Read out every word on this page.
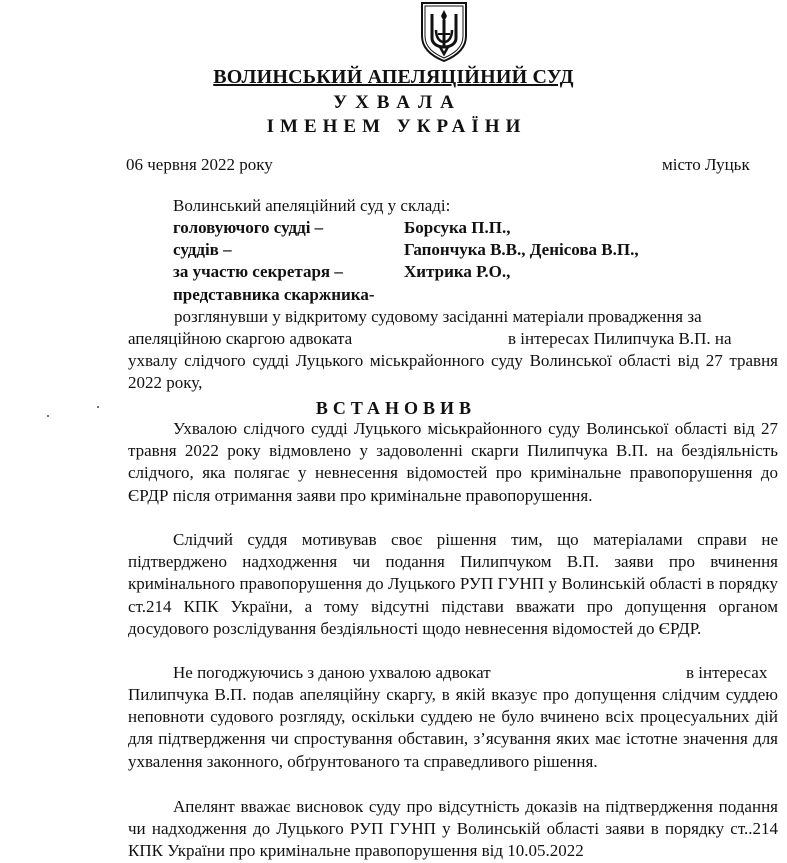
ВОЛИНСЬКИЙ АПЕЛЯЦІЙНИЙ СУД
УХВАЛА
ІМЕНЕМ УКРАЇНИ
06 червня 2022 року	місто Луцьк
Волинський апеляційний суд у складі:
головуючого судді –	Борсука П.П.,
суддів –	Гапончука В.В., Денісова В.П.,
за участю секретаря –	Хитрика Р.О.,
представника скаржника-
розглянувши у відкритому судовому засіданні матеріали провадження за
апеляційною скаргою адвоката	в інтересах Пилипчука В.П. на
ухвалу слідчого судді Луцького міськрайонного суду Волинської області від 27 травня 2022 року,
ВСТАНОВИВ
Ухвалою слідчого судді Луцького міськрайонного суду Волинської області від 27 травня 2022 року відмовлено у задоволенні скарги Пилипчука В.П. на бездіяльність слідчого, яка полягає у невнесення відомостей про кримінальне правопорушення до ЄРДР після отримання заяви про кримінальне правопорушення.
Слідчий суддя мотивував своє рішення тим, що матеріалами справи не підтверджено надходження чи подання Пилипчуком В.П. заяви про вчинення кримінального правопорушення до Луцького РУП ГУНП у Волинській області в порядку ст.214 КПК України, а тому відсутні підстави вважати про допущення органом досудового розслідування бездіяльності щодо невнесення відомостей до ЄРДР.
Не погоджуючись з даною ухвалою адвокат	в інтересах
Пилипчука В.П. подав апеляційну скаргу, в якій вказує про допущення слідчим суддею неповноти судового розгляду, оскільки суддею не було вчинено всіх процесуальних дій для підтвердження чи спростування обставин, з’ясування яких має істотне значення для ухвалення законного, обґрунтованого та справедливого рішення.
Апелянт вважає висновок суду про відсутність доказів на підтвердження подання чи надходження до Луцького РУП ГУНП у Волинській області заяви в порядку ст..214 КПК України про кримінальне правопорушення від 10.05.2022
